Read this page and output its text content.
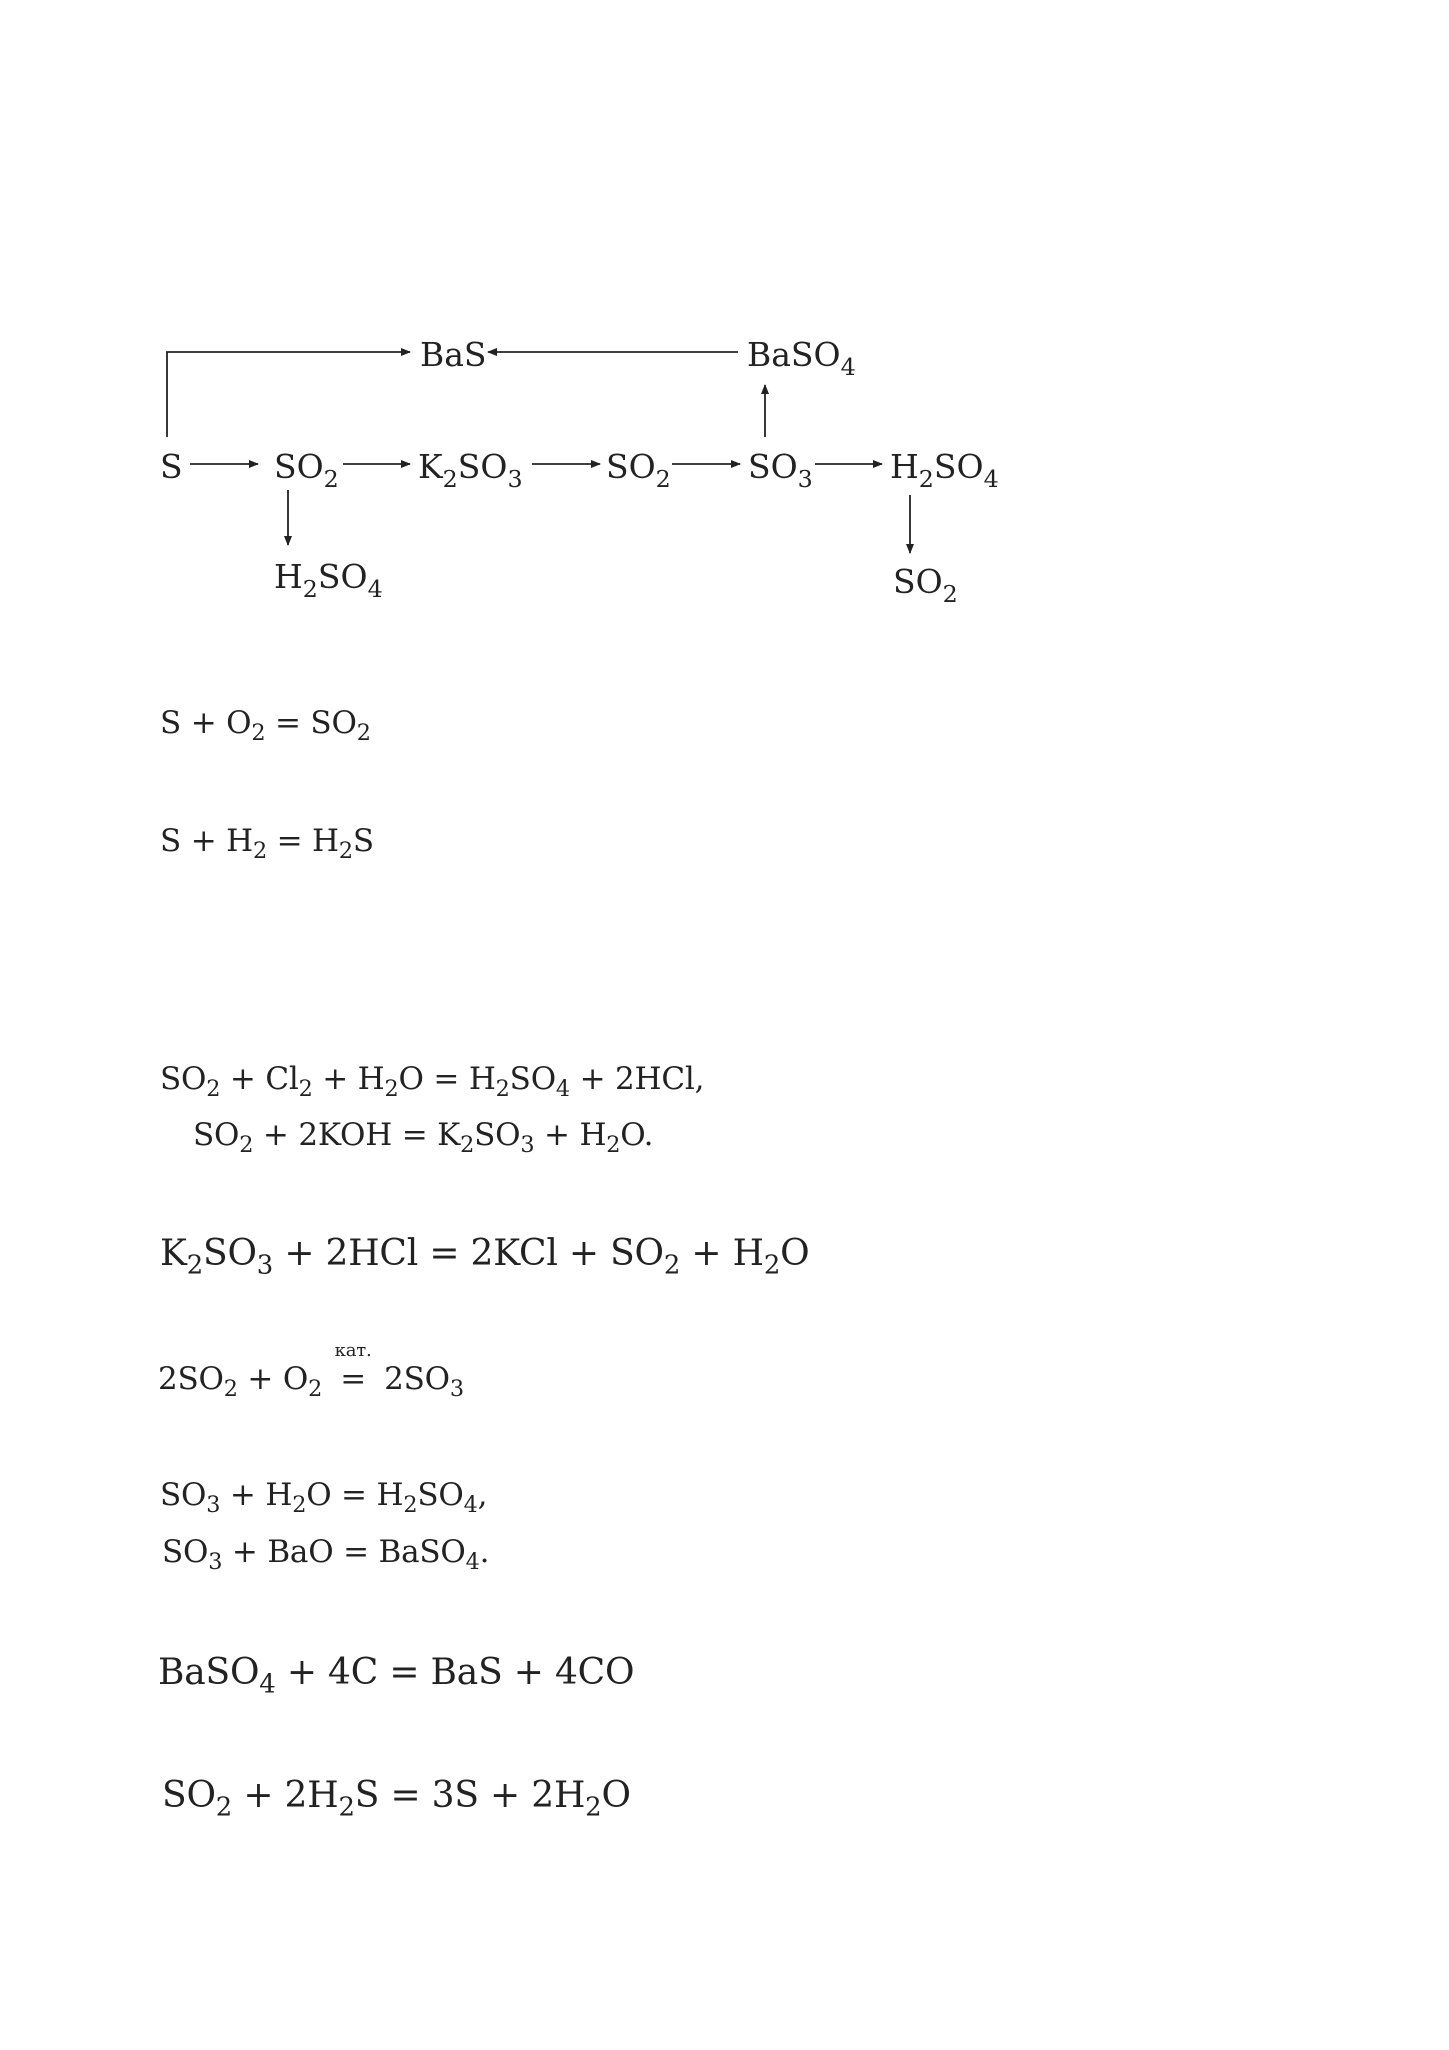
BaS	BaSO$_4$
S	$SO_2$ $K_2SO_3$	$SO_2$ $SO_3$ $H_2SO_4$
$H_2SO_4$	$SO_2$
$S + O_2 = SO_2$
$S + H_2 = H_2S$
$SO_2 + Cl_2 + H_2O = H_2SO_4 + 2HCl$,
$SO_2 + 2KOH = K_2SO_3 + H_2O$.
$K_2SO_3 + 2HCl = 2KCl + SO_2 + H_2O$
$2SO_2 + O_2$
кат.
= $2SO_3$
$SO_3 + H_2O = H_2SO_4$,
$SO_3$ + BaO = BaSO$_4$.
BaSO$_4$ + 4C = BaS + 4CO
$SO_2 + 2H_2S = 3S + 2H_2O$
